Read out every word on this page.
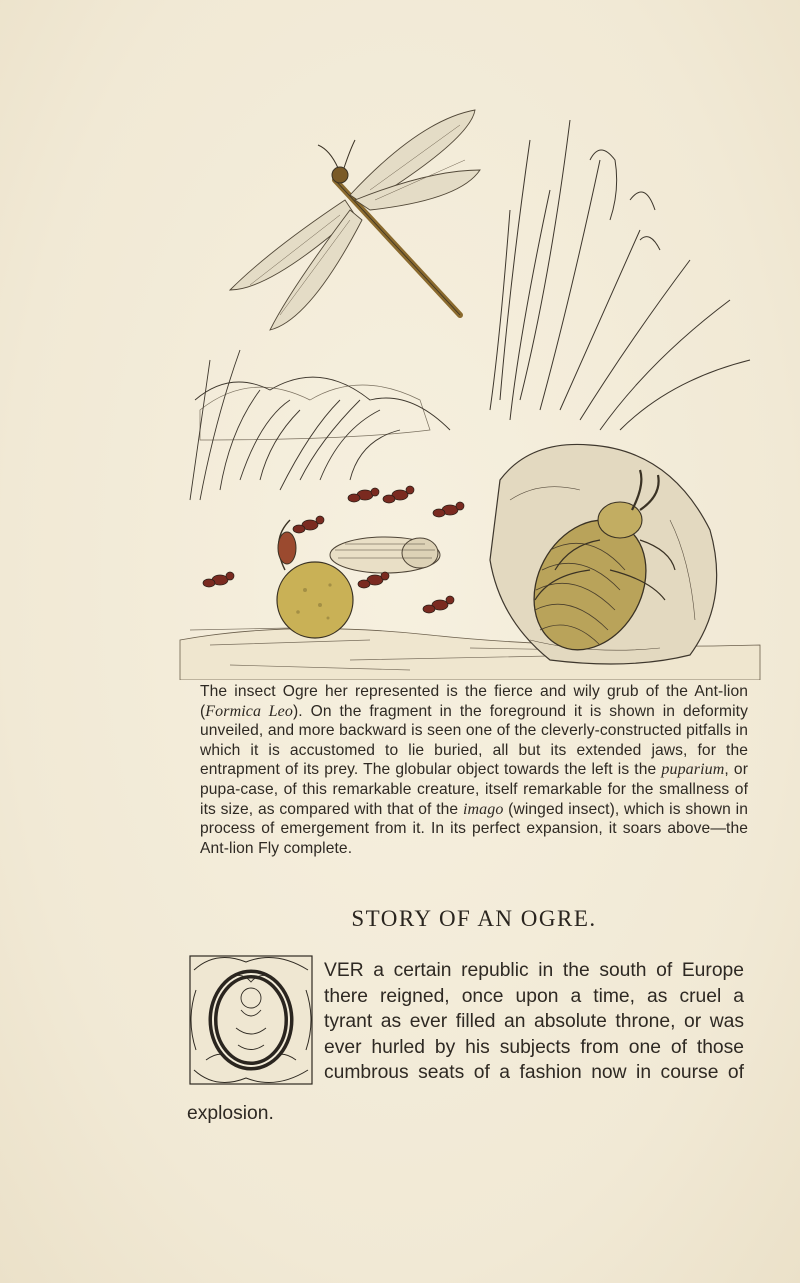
The insect Ogre her represented is the fierce and wily grub of the Ant-lion (Formica Leo). On the fragment in the foreground it is shown in deformity unveiled, and more backward is seen one of the cleverly-constructed pitfalls in which it is accustomed to lie buried, all but its extended jaws, for the entrapment of its prey. The globular object towards the left is the puparium, or pupa-case, of this remarkable creature, itself remarkable for the smallness of its size, as compared with that of the imago (winged insect), which is shown in process of emergement from it. In its perfect expansion, it soars above—the Ant-lion Fly complete.

STORY OF AN OGRE.
VER a certain republic in the south of Europe
there reigned, once upon a time, as cruel a
tyrant as ever filled an absolute throne, or was
ever hurled by his subjects from one of those
cumbrous seats of a fashion now in course of
explosion.
